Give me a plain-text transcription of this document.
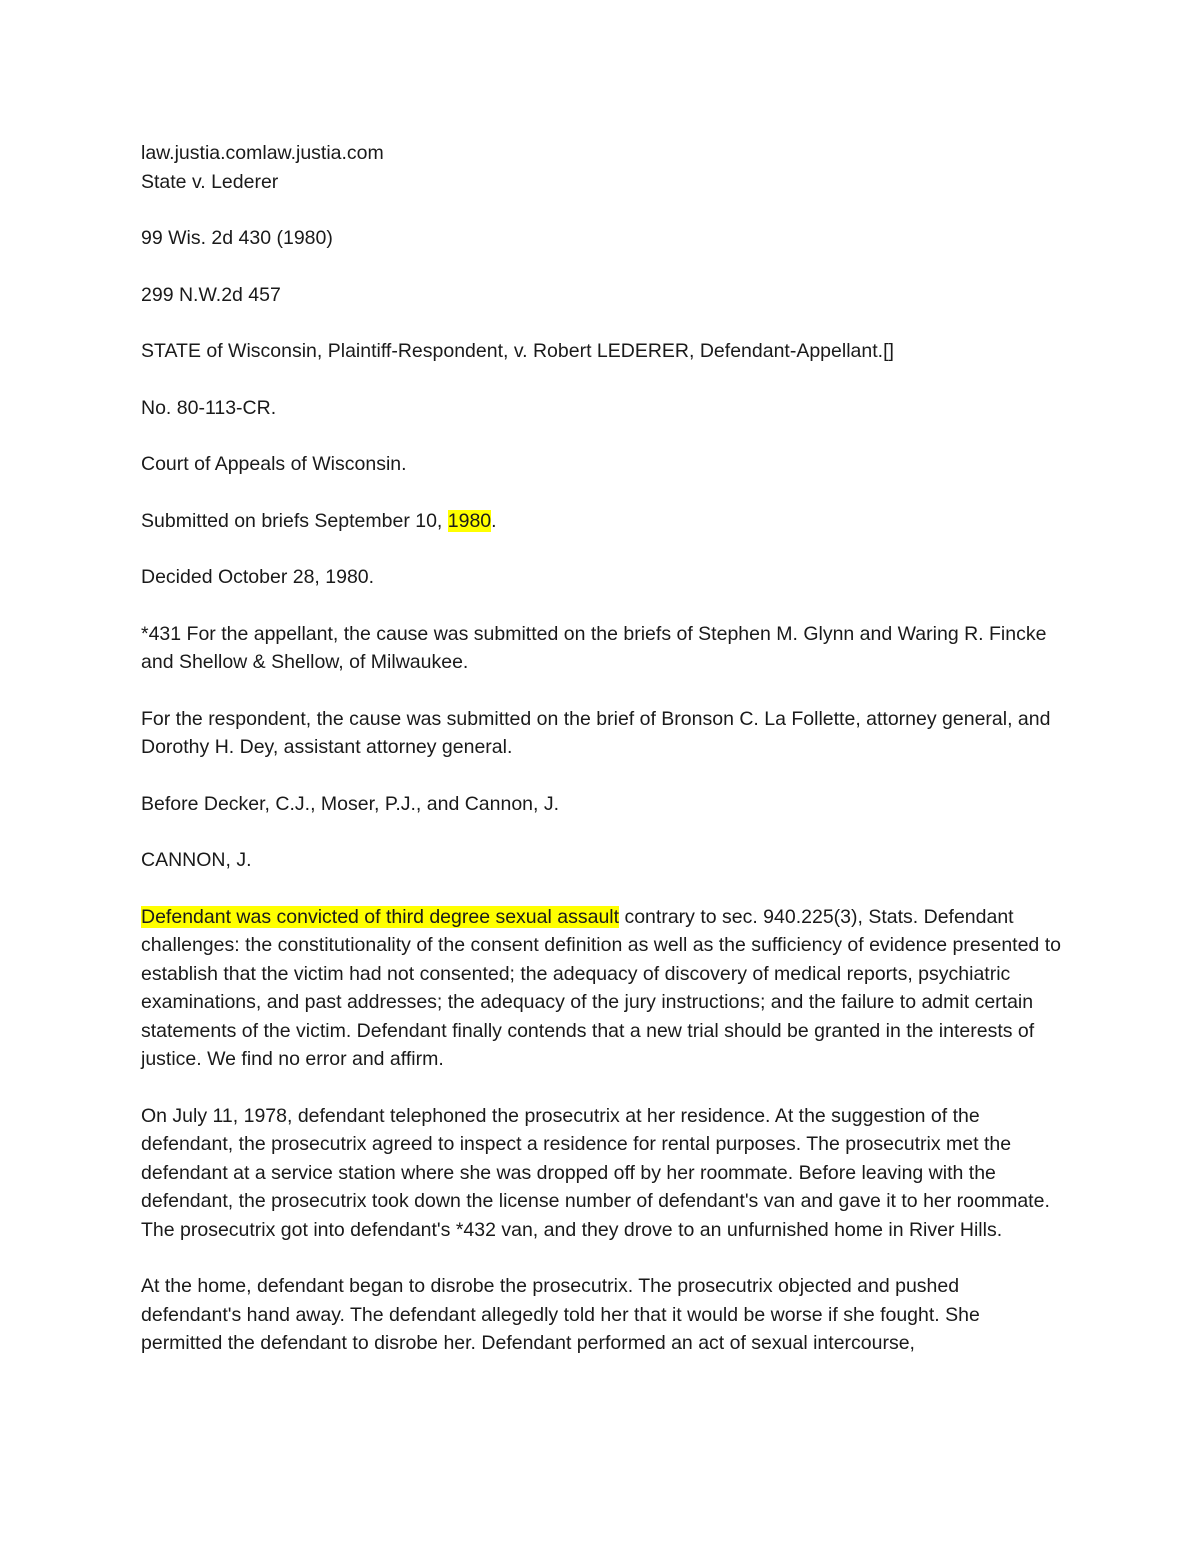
law.justia.comlaw.justia.com

State v. Lederer

99 Wis. 2d 430 (1980)

299 N.W.2d 457

STATE of Wisconsin, Plaintiff-Respondent, v. Robert LEDERER, Defendant-Appellant.[]

No. 80-113-CR.

Court of Appeals of Wisconsin.

Submitted on briefs September 10, 1980.

Decided October 28, 1980.

*431 For the appellant, the cause was submitted on the briefs of Stephen M. Glynn and Waring R. Fincke and Shellow & Shellow, of Milwaukee.

For the respondent, the cause was submitted on the brief of Bronson C. La Follette, attorney general, and Dorothy H. Dey, assistant attorney general.

Before Decker, C.J., Moser, P.J., and Cannon, J.

CANNON, J.

Defendant was convicted of third degree sexual assault contrary to sec. 940.225(3), Stats. Defendant challenges: the constitutionality of the consent definition as well as the sufficiency of evidence presented to establish that the victim had not consented; the adequacy of discovery of medical reports, psychiatric examinations, and past addresses; the adequacy of the jury instructions; and the failure to admit certain statements of the victim. Defendant finally contends that a new trial should be granted in the interests of justice. We find no error and affirm.

On July 11, 1978, defendant telephoned the prosecutrix at her residence. At the suggestion of the defendant, the prosecutrix agreed to inspect a residence for rental purposes. The prosecutrix met the defendant at a service station where she was dropped off by her roommate. Before leaving with the defendant, the prosecutrix took down the license number of defendant's van and gave it to her roommate. The prosecutrix got into defendant's *432 van, and they drove to an unfurnished home in River Hills.

At the home, defendant began to disrobe the prosecutrix. The prosecutrix objected and pushed defendant's hand away. The defendant allegedly told her that it would be worse if she fought. She permitted the defendant to disrobe her. Defendant performed an act of sexual intercourse,
